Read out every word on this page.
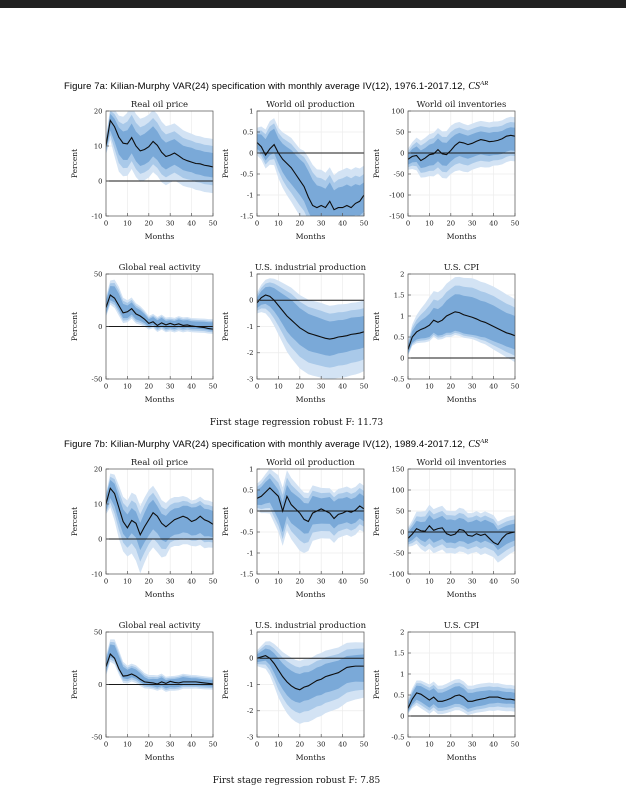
Figure 7a: Kilian-Murphy VAR(24) specification with monthly average IV(12), 1976.1-2017.12, $CS^{AR}$

0 10 20 30 40 50
-10
0
10
20
Real oil price
Months
Percent
0 10 20 30 40 50
-1.5
-1
-0.5
0
0.5
1
World oil production
Months
Percent
0 10 20 30 40 50
-150
-100
-50
0
50
100
World oil inventories
Months
Percent
0 10 20 30 40 50
-50
0
50
Global real activity
Months
Percent
0 10 20 30 40 50
-3
-2
-1
0
1
U.S. industrial production
Months
Percent
0 10 20 30 40 50
-0.5
0
0.5
1
1.5
2
U.S. CPI
Months
Percent

First stage regression robust F: 11.73

Figure 7b: Kilian-Murphy VAR(24) specification with monthly average IV(12), 1989.4-2017.12, $CS^{AR}$

0 10 20 30 40 50
-10
0
10
20
Real oil price
Months
Percent
0 10 20 30 40 50
-1.5
-1
-0.5
0
0.5
1
World oil production
Months
Percent
0 10 20 30 40 50
-100
-50
0
50
100
150
World oil inventories
Months
Percent
0 10 20 30 40 50
-50
0
50
Global real activity
Months
Percent
0 10 20 30 40 50
-3
-2
-1
0
1
U.S. industrial production
Months
Percent
0 10 20 30 40 50
-0.5
0
0.5
1
1.5
2
U.S. CPI
Months
Percent

First stage regression robust F: 7.85
